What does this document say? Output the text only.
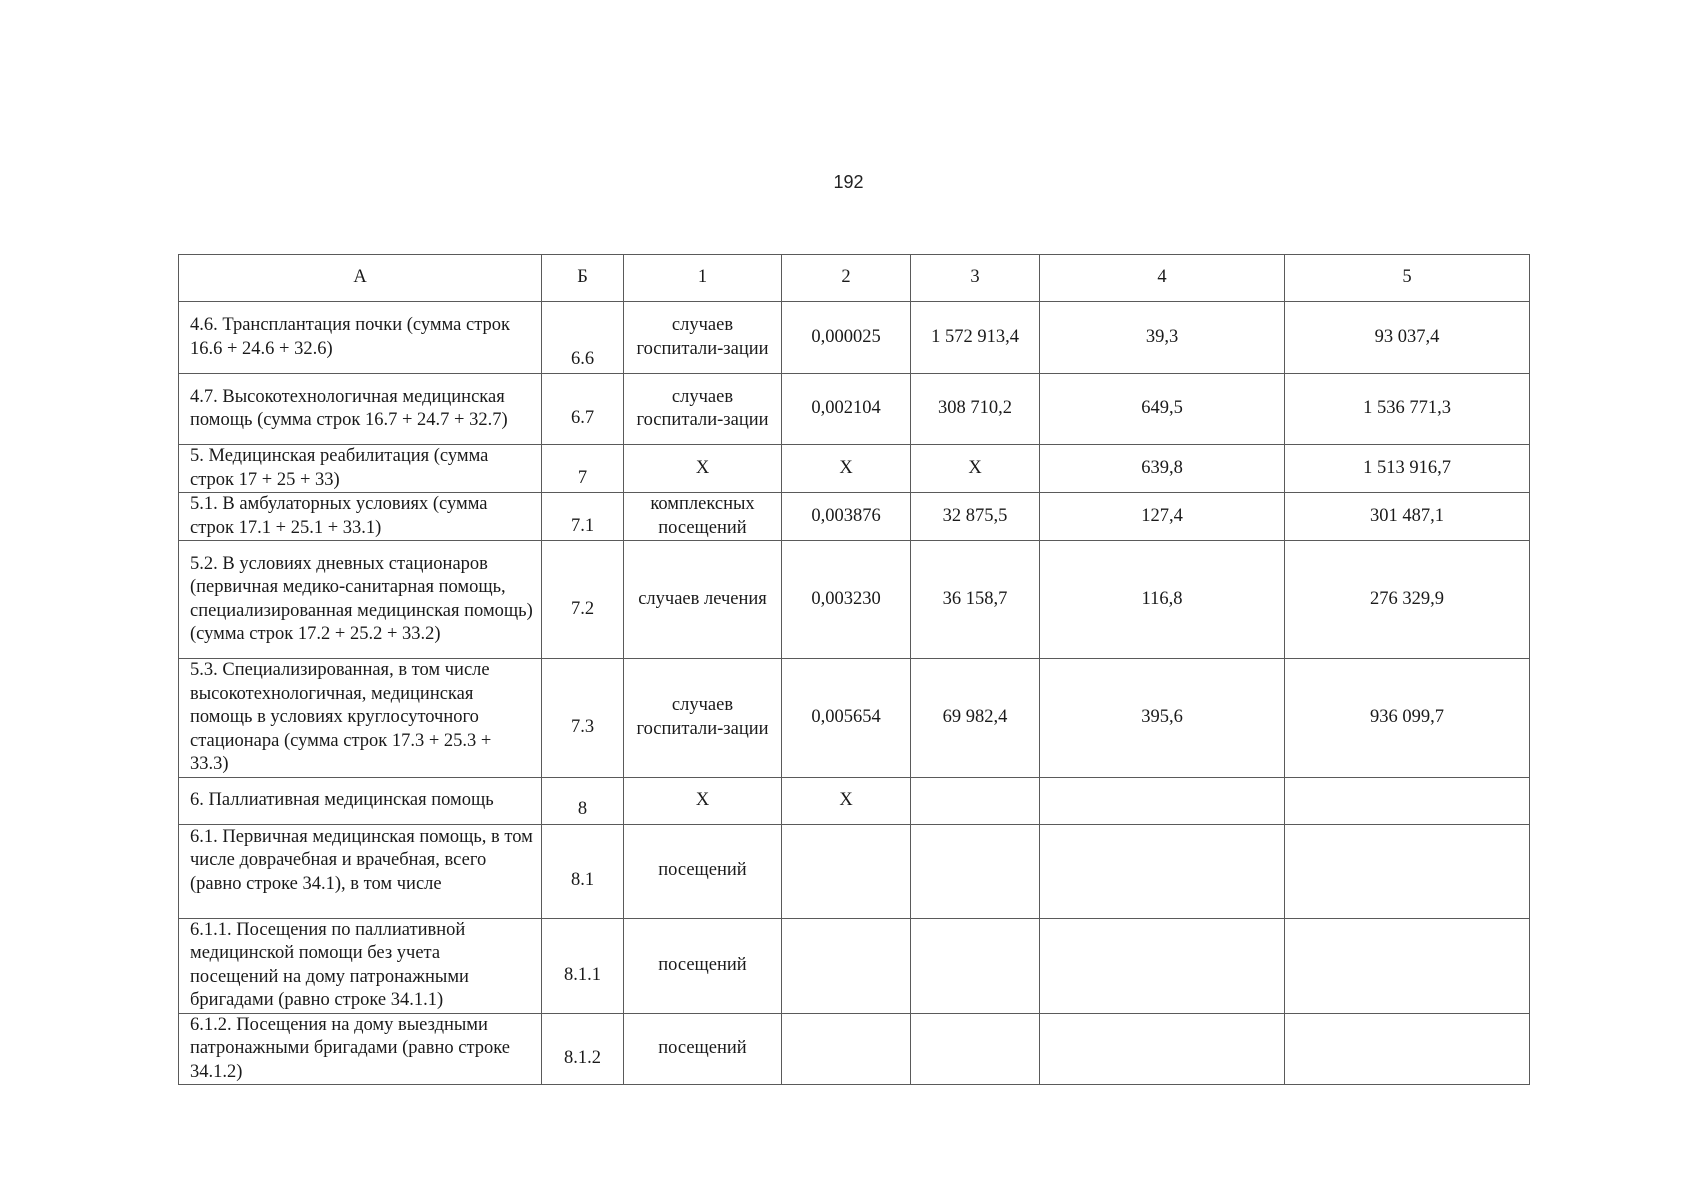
192
А	Б	1	2	3	4	5
4.6. Трансплантация почки (сумма строк 16.6 + 24.6 + 32.6)	6.6	случаев госпитали-зации	0,000025	1 572 913,4	39,3	93 037,4
4.7. Высокотехнологичная медицинская помощь (сумма строк 16.7 + 24.7 + 32.7)	6.7	случаев госпитали-зации	0,002104	308 710,2	649,5	1 536 771,3
5. Медицинская реабилитация (сумма строк 17 + 25 + 33)	7	X	X	X	639,8	1 513 916,7
5.1. В амбулаторных условиях (сумма строк 17.1 + 25.1 + 33.1)	7.1	комплексных посещений	0,003876	32 875,5	127,4	301 487,1
5.2. В условиях дневных стационаров (первичная медико-санитарная помощь, специализированная медицинская помощь) (сумма строк 17.2 + 25.2 + 33.2)	7.2	случаев лечения	0,003230	36 158,7	116,8	276 329,9
5.3. Специализированная, в том числе высокотехнологичная, медицинская помощь в условиях круглосуточного стационара (сумма строк 17.3 + 25.3 + 33.3)	7.3	случаев госпитали-зации	0,005654	69 982,4	395,6	936 099,7
6. Паллиативная медицинская помощь	8	X	X			
6.1. Первичная медицинская помощь, в том числе доврачебная и врачебная, всего (равно строке 34.1), в том числе	8.1	посещений				
6.1.1. Посещения по паллиативной медицинской помощи без учета посещений на дому патронажными бригадами (равно строке 34.1.1)	8.1.1	посещений				
6.1.2. Посещения на дому выездными патронажными бригадами (равно строке 34.1.2)	8.1.2	посещений				
